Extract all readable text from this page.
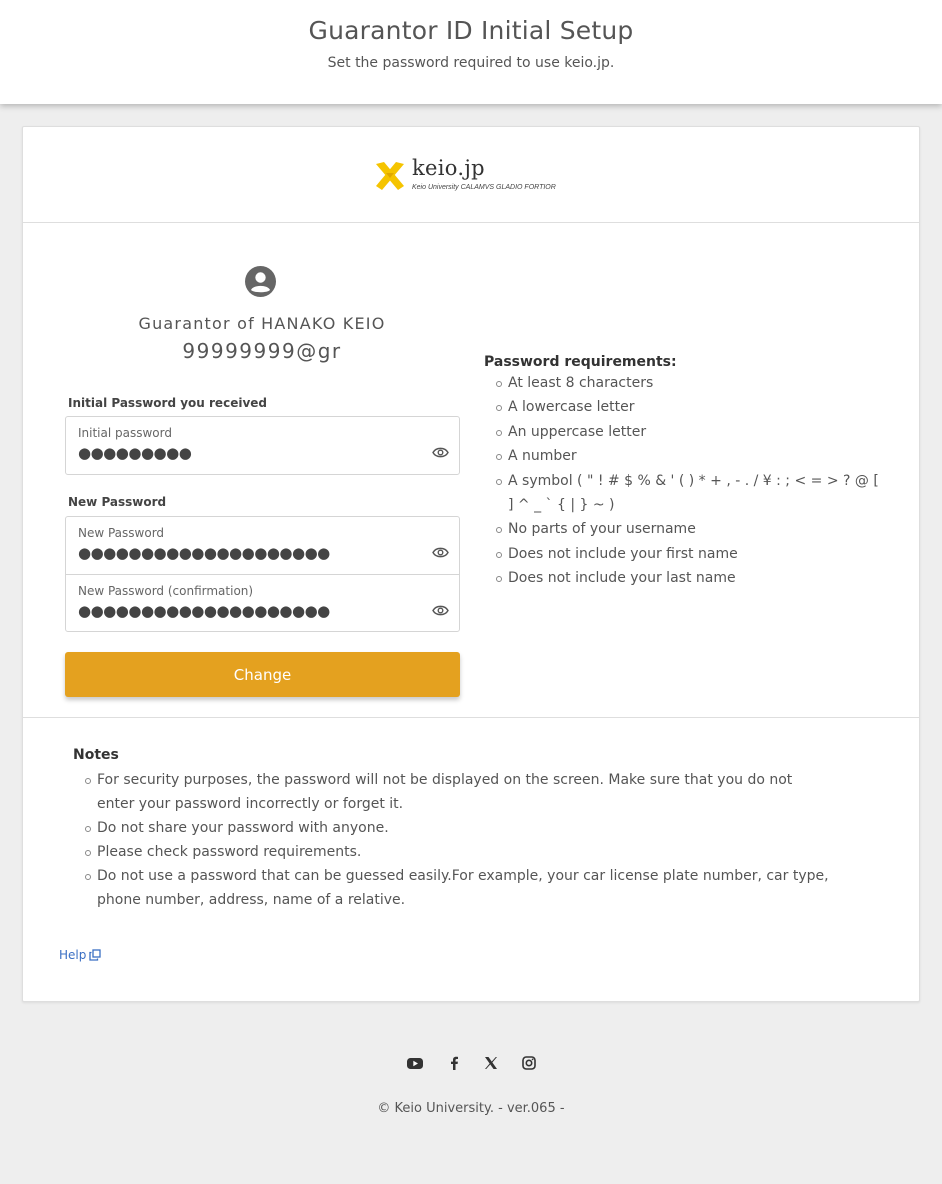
Guarantor ID Initial Setup
Set the password required to use keio.jp.
keio.jp
Keio University CALAMVS GLADIO FORTIOR
Guarantor of HANAKO KEIO
99999999@gr
Initial Password you received
Initial password
●●●●●●●●●
New Password
New Password
●●●●●●●●●●●●●●●●●●●●
New Password (confirmation)
●●●●●●●●●●●●●●●●●●●●
Change
Password requirements:
At least 8 characters
A lowercase letter
An uppercase letter
A number
A symbol ( " ! # $ % & ' ( ) * + , - . / ¥ : ; < = > ? @ [ ] ^ _ ` { | } ~ )
No parts of your username
Does not include your first name
Does not include your last name
Notes
For security purposes, the password will not be displayed on the screen. Make sure that you do not enter your password incorrectly or forget it.
Do not share your password with anyone.
Please check password requirements.
Do not use a password that can be guessed easily.For example, your car license plate number, car type, phone number, address, name of a relative.
Help
© Keio University. - ver.065 -
